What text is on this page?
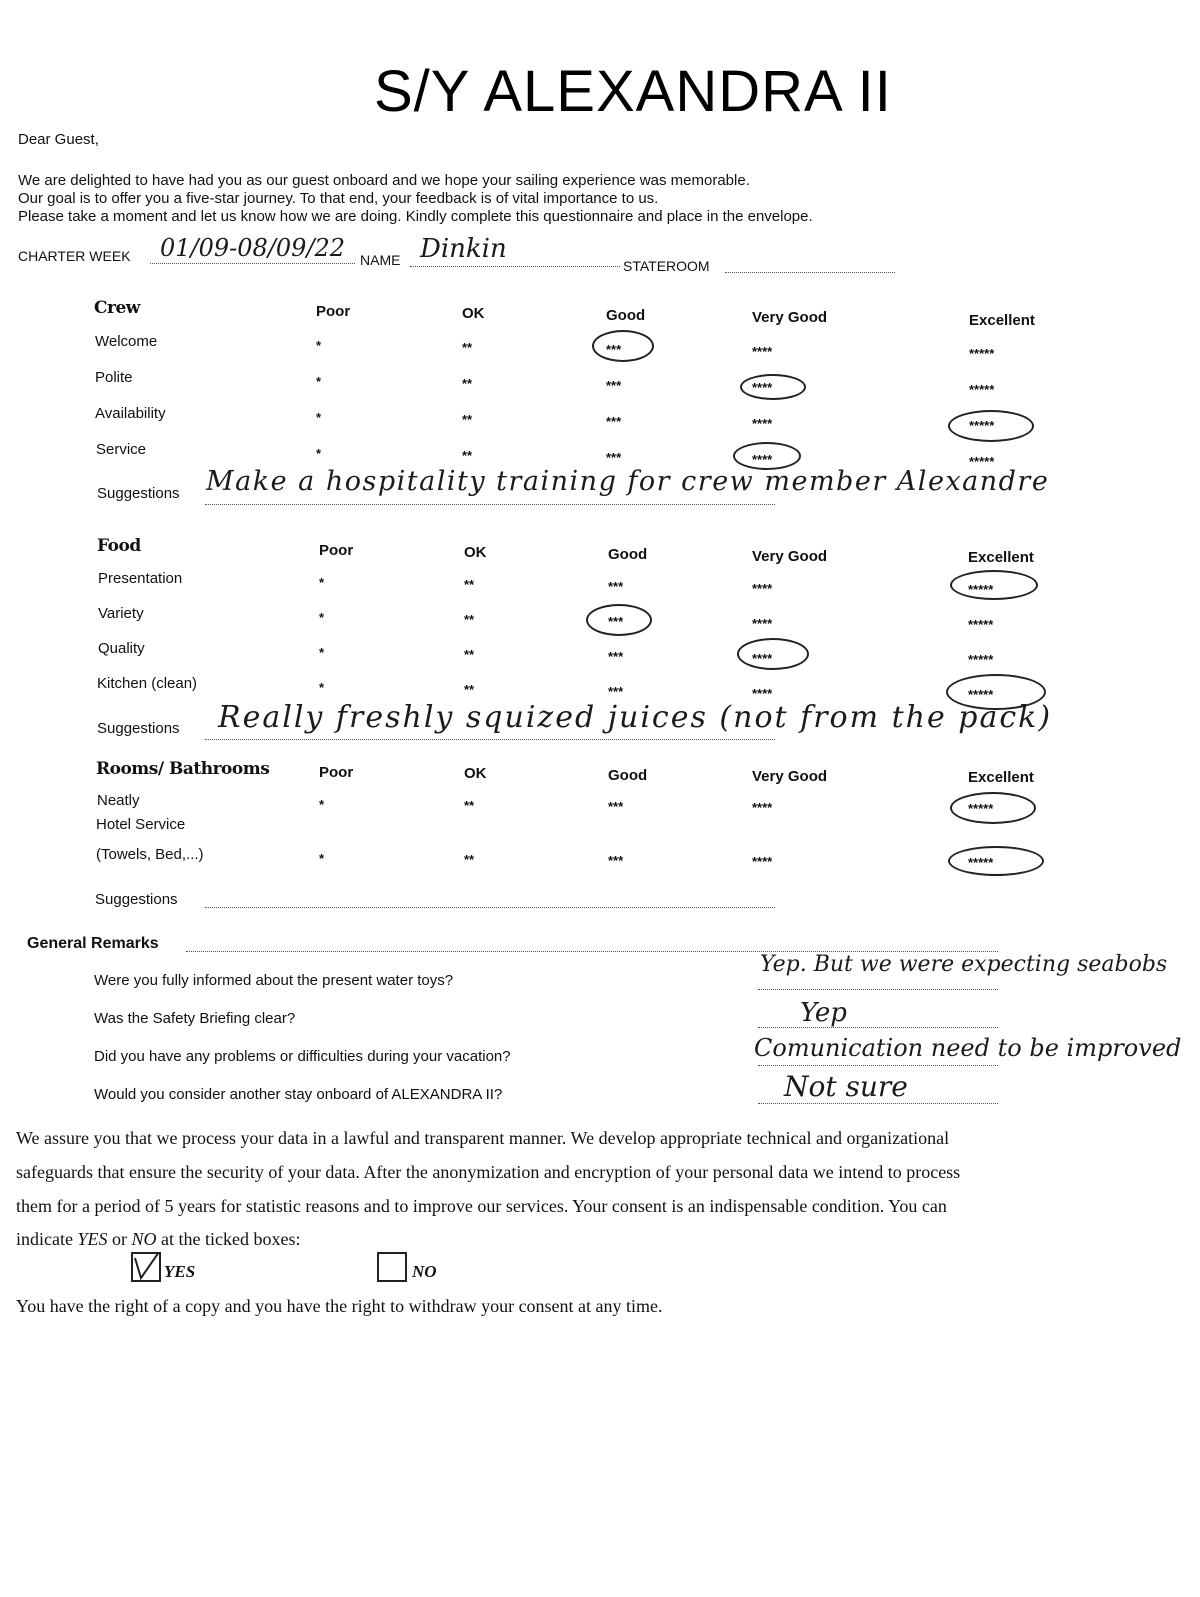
S/Y ALEXANDRA II
Dear Guest,
We are delighted to have had you as our guest onboard and we hope your sailing experience was memorable.
Our goal is to offer you a five-star journey. To that end, your feedback is of vital importance to us.
Please take a moment and let us know how we are doing. Kindly complete this questionnaire and place in the envelope.
CHARTER WEEK 01/09-08/09/22 NAME Dinkin
STATEROOM
Crew	Poor	OK	Good	Very Good	Excellent
Welcome	*	**	***	****	*****
Polite	*	**	***	****	*****
Availability	*	**	***	****	*****
Service	*	**	***	****	*****
Suggestions Make a hospitality training for crew member Alexandre
Food	Poor	OK	Good	Very Good	Excellent
Presentation	*	**	***	****	*****
Variety	*	**	***	****	*****
Quality	*	**	***	****	*****
Kitchen (clean)	*	**	***	****	*****
Suggestions Really freshly squized juices (not from the pack)
Rooms/ Bathrooms	Poor	OK	Good	Very Good	Excellent
Neatly	*	**	***	****	*****
Hotel Service
(Towels, Bed,...)	*	**	***	****	*****
Suggestions
General Remarks
Were you fully informed about the present water toys?
Yep. But we were expecting seabobs
Was the Safety Briefing clear?	Yep
Did you have any problems or difficulties during your vacation?	Comunication need to be improved
Would you consider another stay onboard of ALEXANDRA II?	Not sure
We assure you that we process your data in a lawful and transparent manner. We develop appropriate technical and organizational
safeguards that ensure the security of your data. After the anonymization and encryption of your personal data we intend to process
them for a period of 5 years for statistic reasons and to improve our services. Your consent is an indispensable condition. You can
indicate YES or NO at the ticked boxes:
YES	NO
You have the right of a copy and you have the right to withdraw your consent at any time.
